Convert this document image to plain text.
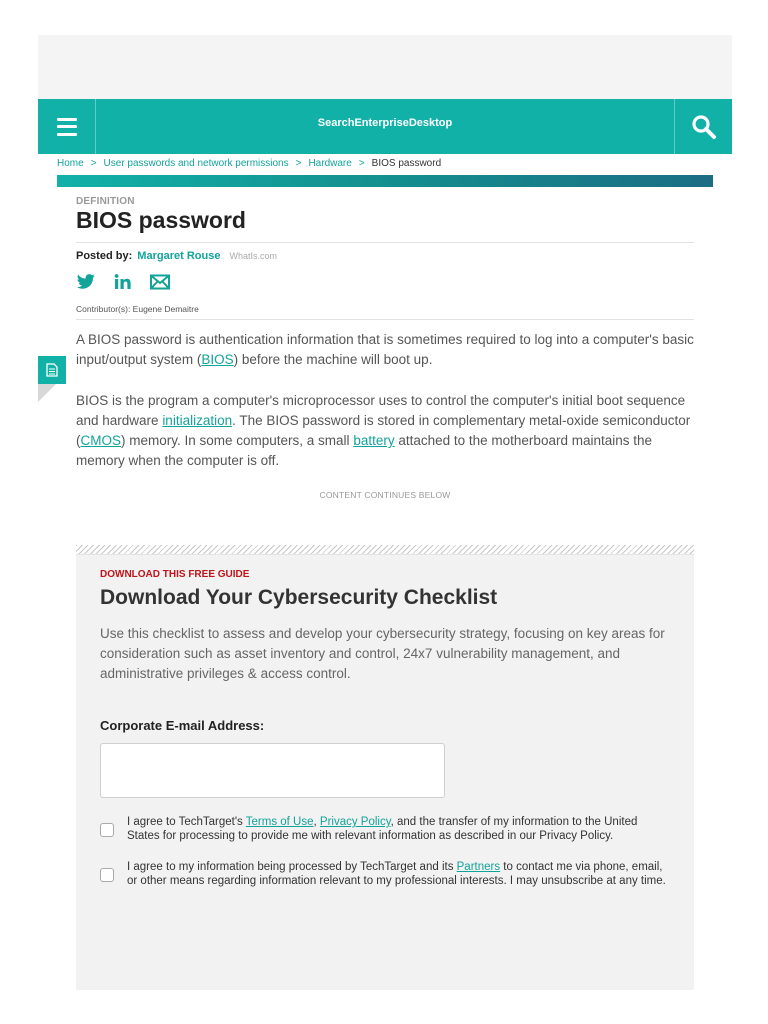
SearchEnterpriseDesktop
Home > User passwords and network permissions > Hardware > BIOS password
DEFINITION
BIOS password
Posted by: Margaret Rouse WhatIs.com
Contributor(s): Eugene Demaitre

A BIOS password is authentication information that is sometimes required to log into a computer's basic input/output system (BIOS) before the machine will boot up.

BIOS is the program a computer's microprocessor uses to control the computer's initial boot sequence and hardware initialization. The BIOS password is stored in complementary metal-oxide semiconductor (CMOS) memory. In some computers, a small battery attached to the motherboard maintains the memory when the computer is off.

CONTENT CONTINUES BELOW
DOWNLOAD THIS FREE GUIDE
Download Your Cybersecurity Checklist
Use this checklist to assess and develop your cybersecurity strategy, focusing on key areas for consideration such as asset inventory and control, 24x7 vulnerability management, and administrative privileges & access control.
Corporate E-mail Address:
I agree to TechTarget's Terms of Use, Privacy Policy, and the transfer of my information to the United States for processing to provide me with relevant information as described in our Privacy Policy.
I agree to my information being processed by TechTarget and its Partners to contact me via phone, email, or other means regarding information relevant to my professional interests. I may unsubscribe at any time.
